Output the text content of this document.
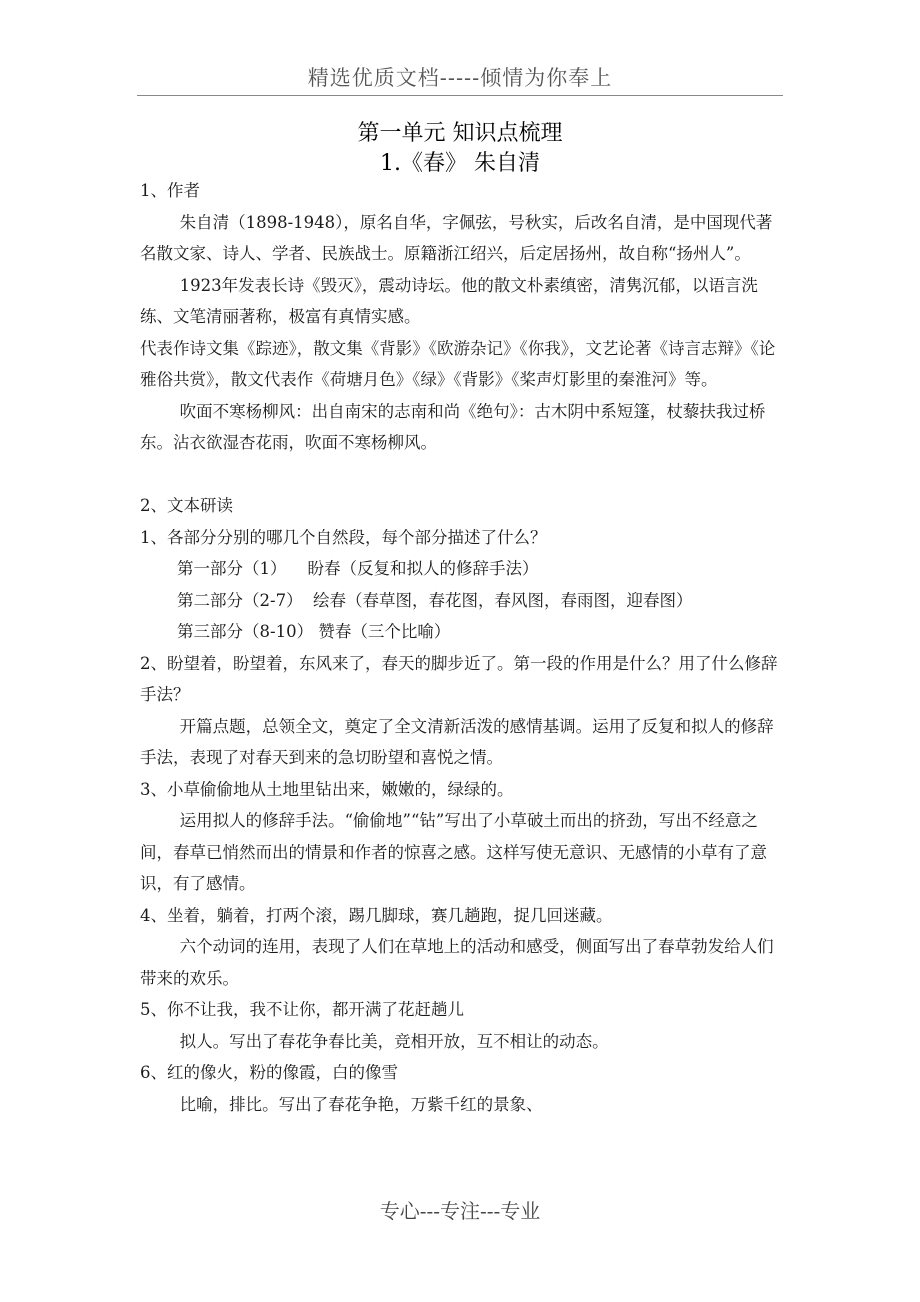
精选优质文档-----倾情为你奉上
第一单元 知识点梳理
1.《春》 朱自清

1、作者

朱自清（1898-1948），原名自华，字佩弦，号秋实，后改名自清，是中国现代著名散文家、诗人、学者、民族战士。原籍浙江绍兴，后定居扬州，故自称“扬州人”。

1923年发表长诗《毁灭》，震动诗坛。他的散文朴素缜密，清隽沉郁，以语言洗练、文笔清丽著称，极富有真情实感。

代表作诗文集《踪迹》，散文集《背影》《欧游杂记》《你我》，文艺论著《诗言志辩》《论雅俗共赏》，散文代表作《荷塘月色》《绿》《背影》《桨声灯影里的秦淮河》等。

吹面不寒杨柳风：出自南宋的志南和尚《绝句》：古木阴中系短篷，杖藜扶我过桥东。沾衣欲湿杏花雨，吹面不寒杨柳风。

2、文本研读

1、各部分分别的哪几个自然段，每个部分描述了什么？

第一部分（1）    盼春（反复和拟人的修辞手法）

第二部分（2-7）  绘春（春草图，春花图，春风图，春雨图，迎春图）

第三部分（8-10） 赞春（三个比喻）

2、盼望着，盼望着，东风来了，春天的脚步近了。第一段的作用是什么？用了什么修辞手法？

开篇点题，总领全文，奠定了全文清新活泼的感情基调。运用了反复和拟人的修辞手法，表现了对春天到来的急切盼望和喜悦之情。

3、小草偷偷地从土地里钻出来，嫩嫩的，绿绿的。

运用拟人的修辞手法。“偷偷地”“钻”写出了小草破土而出的挤劲，写出不经意之间，春草已悄然而出的情景和作者的惊喜之感。这样写使无意识、无感情的小草有了意识，有了感情。

4、坐着，躺着，打两个滚，踢几脚球，赛几趟跑，捉几回迷藏。

六个动词的连用，表现了人们在草地上的活动和感受，侧面写出了春草勃发给人们带来的欢乐。

5、你不让我，我不让你，都开满了花赶趟儿

拟人。写出了春花争春比美，竞相开放，互不相让的动态。

6、红的像火，粉的像霞，白的像雪

比喻，排比。写出了春花争艳，万紫千红的景象、

专心---专注---专业
